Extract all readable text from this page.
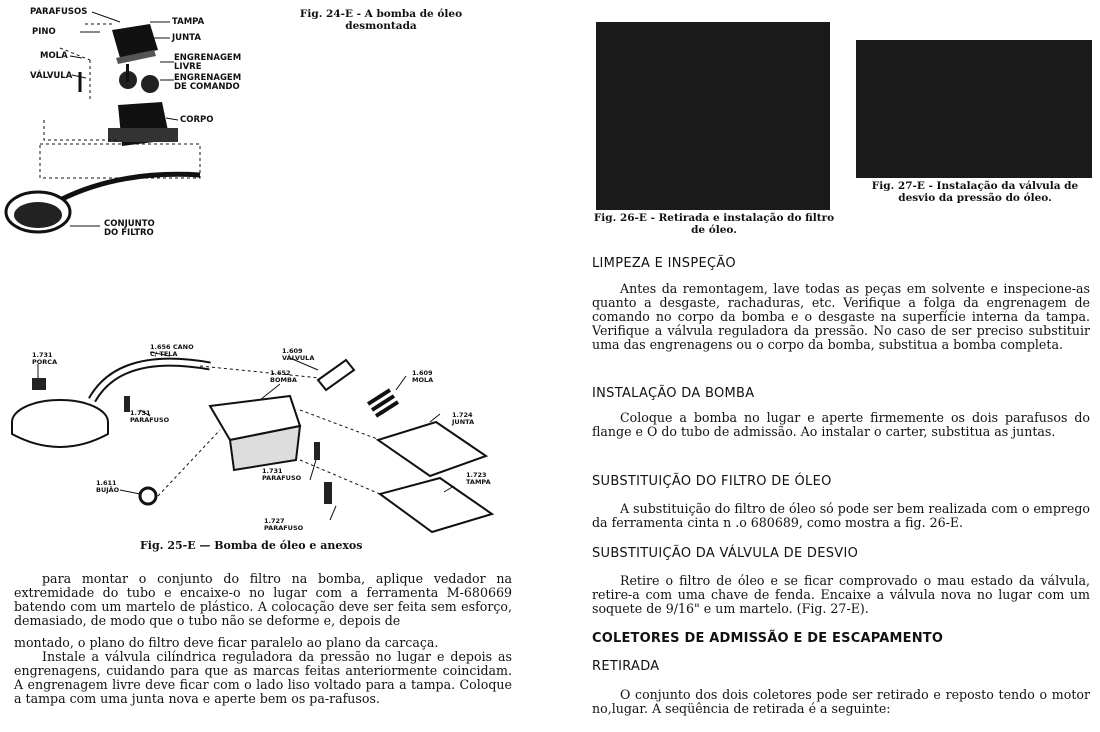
PARAFUSOS
PINO
MOLA
VÁLVULA
TAMPA
JUNTA
ENGRENAGEM LIVRE
ENGRENAGEM DE COMANDO
CORPO
CONJUNTO DO FILTRO
Fig. 24-E - A bomba de óleo desmontada
1.731 PORCA
1.656 CANO C/ TELA	1.609 VÁLVULA
1.652 BOMBA
1.609 MOLA
1.731 PARAFUSO
1.724 JUNTA
1.731 PARAFUSO
1.611 BUJÃO
1.723 TAMPA
1.727 PARAFUSO
Fig. 25-E — Bomba de óleo e anexos

para montar o conjunto do filtro na bomba, aplique vedador na extremidade do tubo e encaixe-o no lugar com a ferramenta M-680669 batendo com um martelo de plástico. A colocação deve ser feita sem esforço, demasiado, de modo que o tubo não se deforme e, depois de

montado, o plano do filtro deve ficar paralelo ao plano da carcaça.

Instale a válvula cilíndrica reguladora da pressão no lugar e depois as engrenagens, cuidando para que as marcas feitas anteriormente coincidam. A engrenagem livre deve ficar com o lado liso voltado para a tampa. Coloque a tampa com uma junta nova e aperte bem os pa-rafusos.

Fig. 26-E - Retirada e instalação do filtro de óleo.
Fig. 27-E - Instalação da válvula de desvio da pressão do óleo.
LIMPEZA E INSPEÇÃO

Antes da remontagem, lave todas as peças em solvente e inspecione-as quanto a desgaste, rachaduras, etc. Verifique a folga da engrenagem de comando no corpo da bomba e o desgaste na superfície interna da tampa. Verifique a válvula reguladora da pressão. No caso de ser preciso substituir uma das engrenagens ou o corpo da bomba, substitua a bomba completa.

INSTALAÇÃO DA BOMBA

Coloque a bomba no lugar e aperte firmemente os dois parafusos do flange e O do tubo de admissão. Ao instalar o carter, substitua as juntas.

SUBSTITUIÇÃO DO FILTRO DE ÓLEO

A substituição do filtro de óleo só pode ser bem realizada com o emprego da ferramenta cinta n .o 680689, como mostra a fig. 26-E.

SUBSTITUIÇÃO DA VÁLVULA DE DESVIO

Retire o filtro de óleo e se ficar comprovado o mau estado da válvula, retire-a com uma chave de fenda. Encaixe a válvula nova no lugar com um soquete de 9/16" e um martelo. (Fig. 27-E).

COLETORES DE ADMISSÃO E DE ESCAPAMENTO
RETIRADA

O conjunto dos dois coletores pode ser retirado e reposto tendo o motor no,lugar. A seqüência de retirada é a seguinte:
